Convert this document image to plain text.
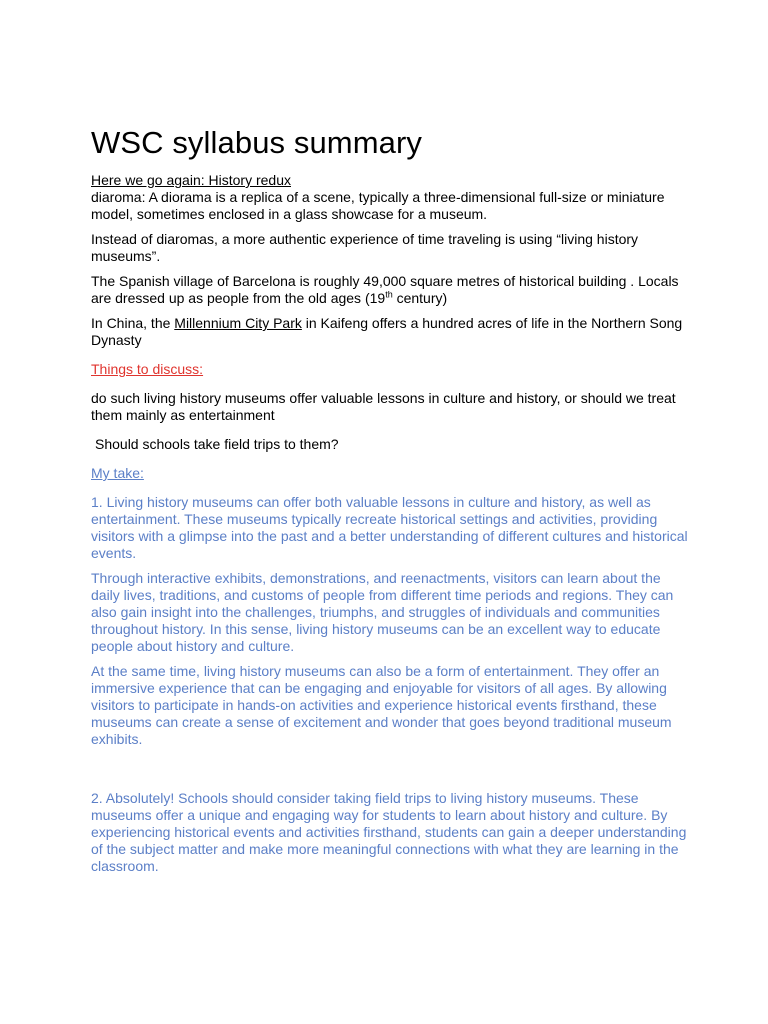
WSC syllabus summary

Here we go again: History redux

diaroma: A diorama is a replica of a scene, typically a three-dimensional full-size or miniature model, sometimes enclosed in a glass showcase for a museum.

Instead of diaromas, a more authentic experience of time traveling is using “living history museums”.

The Spanish village of Barcelona is roughly 49,000 square metres of historical building . Locals are dressed up as people from the old ages (19th century)

In China, the Millennium City Park in Kaifeng offers a hundred acres of life in the Northern Song Dynasty

Things to discuss:

do such living history museums offer valuable lessons in culture and history, or should we treat them mainly as entertainment

Should schools take field trips to them?

My take:

1. Living history museums can offer both valuable lessons in culture and history, as well as entertainment. These museums typically recreate historical settings and activities, providing visitors with a glimpse into the past and a better understanding of different cultures and historical events.

Through interactive exhibits, demonstrations, and reenactments, visitors can learn about the daily lives, traditions, and customs of people from different time periods and regions. They can also gain insight into the challenges, triumphs, and struggles of individuals and communities throughout history. In this sense, living history museums can be an excellent way to educate people about history and culture.

At the same time, living history museums can also be a form of entertainment. They offer an immersive experience that can be engaging and enjoyable for visitors of all ages. By allowing visitors to participate in hands-on activities and experience historical events firsthand, these museums can create a sense of excitement and wonder that goes beyond traditional museum exhibits.

2. Absolutely! Schools should consider taking field trips to living history museums. These museums offer a unique and engaging way for students to learn about history and culture. By experiencing historical events and activities firsthand, students can gain a deeper understanding of the subject matter and make more meaningful connections with what they are learning in the classroom.
